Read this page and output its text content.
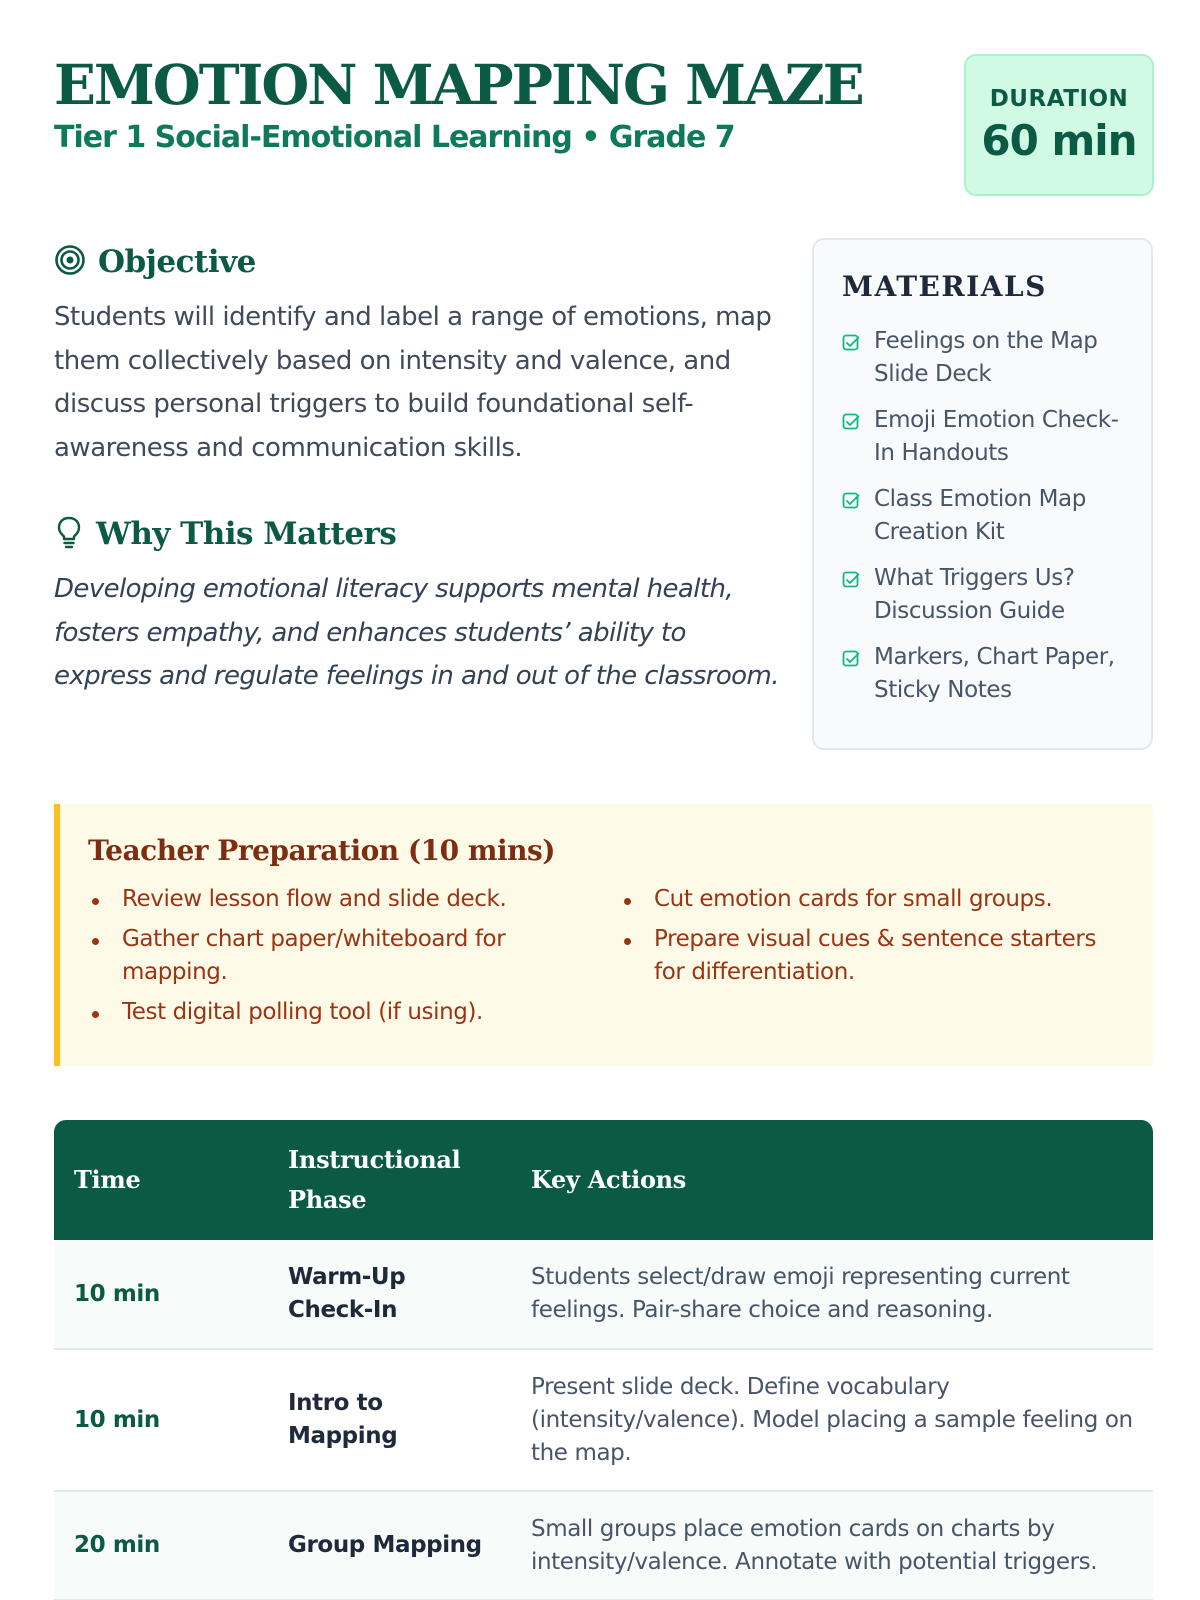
EMOTION MAPPING MAZE
Tier 1 Social-Emotional Learning • Grade 7
DURATION
60 min
Objective

Students will identify and label a range of emotions, map them collectively based on intensity and valence, and discuss personal triggers to build foundational self-awareness and communication skills.

Why This Matters

Developing emotional literacy supports mental health, fosters empathy, and enhances students’ ability to express and regulate feelings in and out of the classroom.

MATERIALS
Feelings on the Map Slide Deck
Emoji Emotion Check-In Handouts
Class Emotion Map Creation Kit
What Triggers Us? Discussion Guide
Markers, Chart Paper, Sticky Notes
Teacher Preparation (10 mins)
Review lesson flow and slide deck.
Gather chart paper/whiteboard for mapping.
Test digital polling tool (if using).
Cut emotion cards for small groups.
Prepare visual cues & sentence starters for differentiation.
Time	Instructional Phase	Key Actions
10 min	Warm-Up Check-In	Students select/draw emoji representing current feelings. Pair-share choice and reasoning.
10 min	Intro to Mapping	Present slide deck. Define vocabulary (intensity/valence). Model placing a sample feeling on the map.
20 min	Group Mapping	Small groups place emotion cards on charts by intensity/valence. Annotate with potential triggers.
